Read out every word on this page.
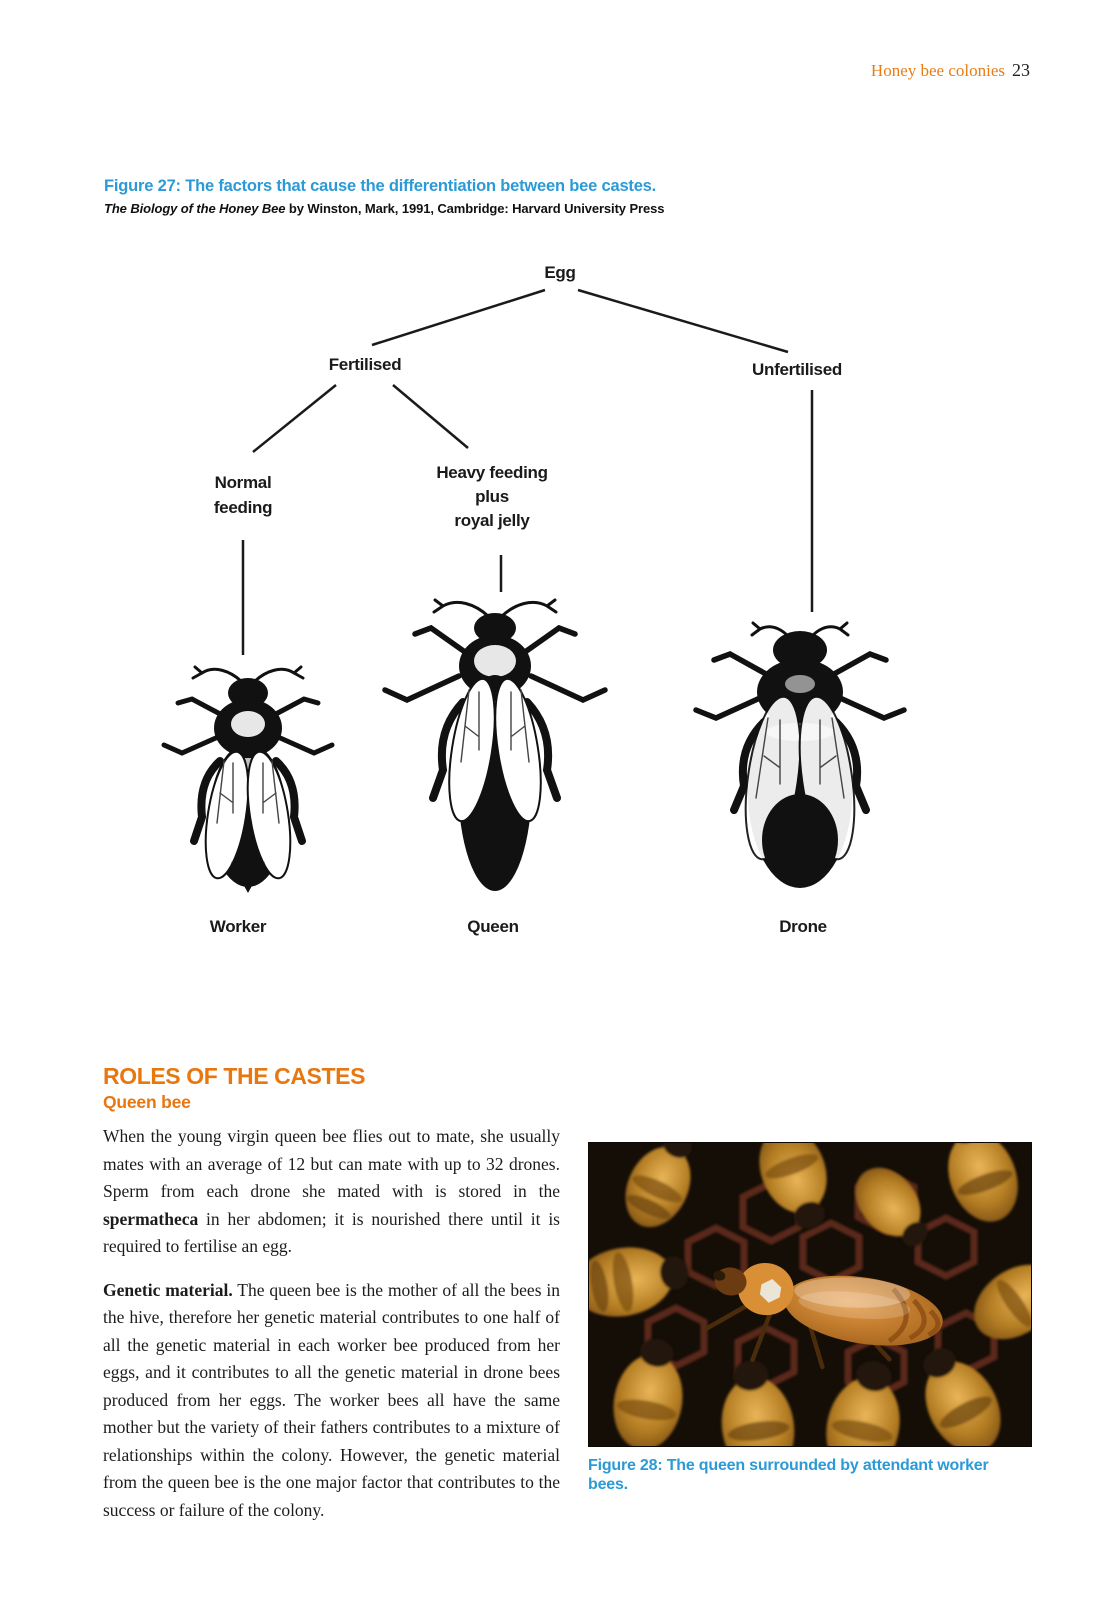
Honey bee colonies 23
Figure 27: The factors that cause the differentiation between bee castes.
The Biology of the Honey Bee by Winston, Mark, 1991, Cambridge: Harvard University Press
Egg
Fertilised	Unfertilised
Normal
feeding
Heavy feeding
plus
royal jelly
Worker	Queen	Drone
ROLES OF THE CASTES
Queen bee

When the young virgin queen bee flies out to mate, she usually mates with an average of 12 but can mate with up to 32 drones. Sperm from each drone she mated with is stored in the spermatheca in her abdomen; it is nourished there until it is required to fertilise an egg.

Genetic material. The queen bee is the mother of all the bees in the hive, therefore her genetic material contributes to one half of all the genetic material in each worker bee produced from her eggs, and it contributes to all the genetic material in drone bees produced from her eggs. The worker bees all have the same mother but the variety of their fathers contributes to a mixture of relationships within the colony. However, the genetic material from the queen bee is the one major factor that contributes to the success or failure of the colony.

Figure 28: The queen surrounded by attendant worker bees.
